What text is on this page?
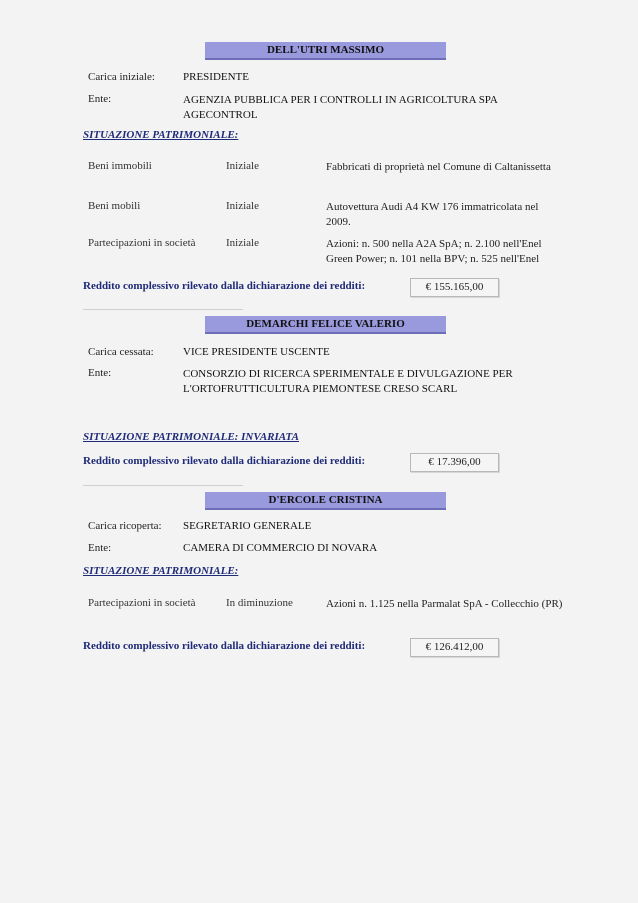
DELL'UTRI MASSIMO
Carica iniziale:	PRESIDENTE
Ente:	AGENZIA PUBBLICA PER I CONTROLLI IN AGRICOLTURA SPA AGECONTROL
SITUAZIONE PATRIMONIALE:
Beni immobili	Iniziale	Fabbricati di proprietà nel Comune di Caltanissetta
Beni mobili	Iniziale	Autovettura Audi A4 KW 176 immatricolata nel 2009.
Partecipazioni in società	Iniziale	Azioni: n. 500 nella A2A SpA; n. 2.100 nell'Enel Green Power; n. 101 nella BPV; n. 525 nell'Enel
Reddito complessivo rilevato dalla dichiarazione dei redditi:	€ 155.165,00
DEMARCHI FELICE VALERIO
Carica cessata:	VICE PRESIDENTE USCENTE
Ente:	CONSORZIO DI RICERCA SPERIMENTALE E DIVULGAZIONE PER L'ORTOFRUTTICULTURA PIEMONTESE CRESO SCARL
SITUAZIONE PATRIMONIALE: INVARIATA
Reddito complessivo rilevato dalla dichiarazione dei redditi:	€ 17.396,00
D'ERCOLE CRISTINA
Carica ricoperta: SEGRETARIO GENERALE
Ente:	CAMERA DI COMMERCIO DI NOVARA
SITUAZIONE PATRIMONIALE:
Partecipazioni in società	In diminuzione	Azioni n. 1.125 nella Parmalat SpA - Collecchio (PR)
Reddito complessivo rilevato dalla dichiarazione dei redditi:	€ 126.412,00
